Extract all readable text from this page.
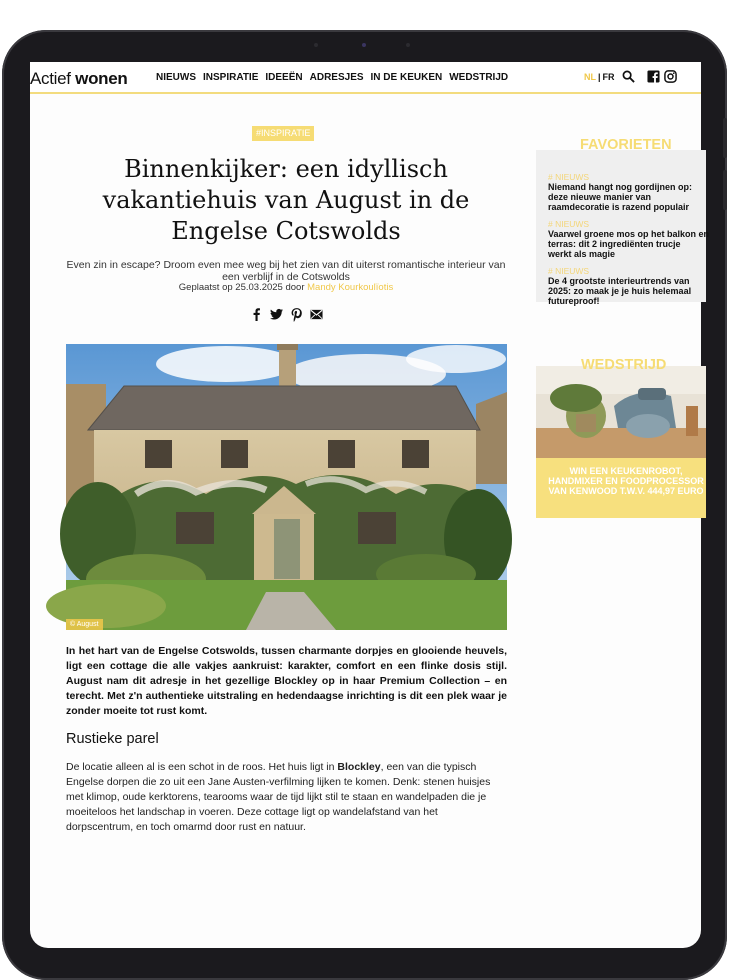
Actief wonen	NIEUWS INSPIRATIE IDEEËN ADRESJES IN DE KEUKEN WEDSTRIJD	NL | FR
#INSPIRATIE
Binnenkijker: een idyllisch vakantiehuis van August in de Engelse Cotswolds

Even zin in escape? Droom even mee weg bij het zien van dit uiterst romantische interieur van een verblijf in de Cotswolds

Geplaatst op 25.03.2025 door Mandy Kourkoulïotis
© August

In het hart van de Engelse Cotswolds, tussen charmante dorpjes en glooiende heuvels, ligt een cottage die alle vakjes aankruist: karakter, comfort en een flinke dosis stijl. August nam dit adresje in het gezellige Blockley op in haar Premium Collection – en terecht. Met z'n authentieke uitstraling en hedendaagse inrichting is dit een plek waar je zonder moeite tot rust komt.

Rustieke parel

De locatie alleen al is een schot in de roos. Het huis ligt in Blockley, een van die typisch Engelse dorpen die zo uit een Jane Austen-verfilming lijken te komen. Denk: stenen huisjes met klimop, oude kerktorens, tearooms waar de tijd lijkt stil te staan en wandelpaden die je moeiteloos het landschap in voeren. Deze cottage ligt op wandelafstand van het dorpscentrum, en toch omarmd door rust en natuur.

FAVORIETEN
# NIEUWS
Niemand hangt nog gordijnen op:
deze nieuwe manier van
raamdecoratie is razend populair
# NIEUWS
Vaarwel groene mos op het balkon en
terras: dit 2 ingrediënten trucje
werkt als magie
# NIEUWS
De 4 grootste interieurtrends van
2025: zo maak je je huis helemaal
futureproof!
WEDSTRIJD
WIN EEN KEUKENROBOT, HANDMIXER EN FOODPROCESSOR VAN KENWOOD T.W.V. 444,97 EURO
